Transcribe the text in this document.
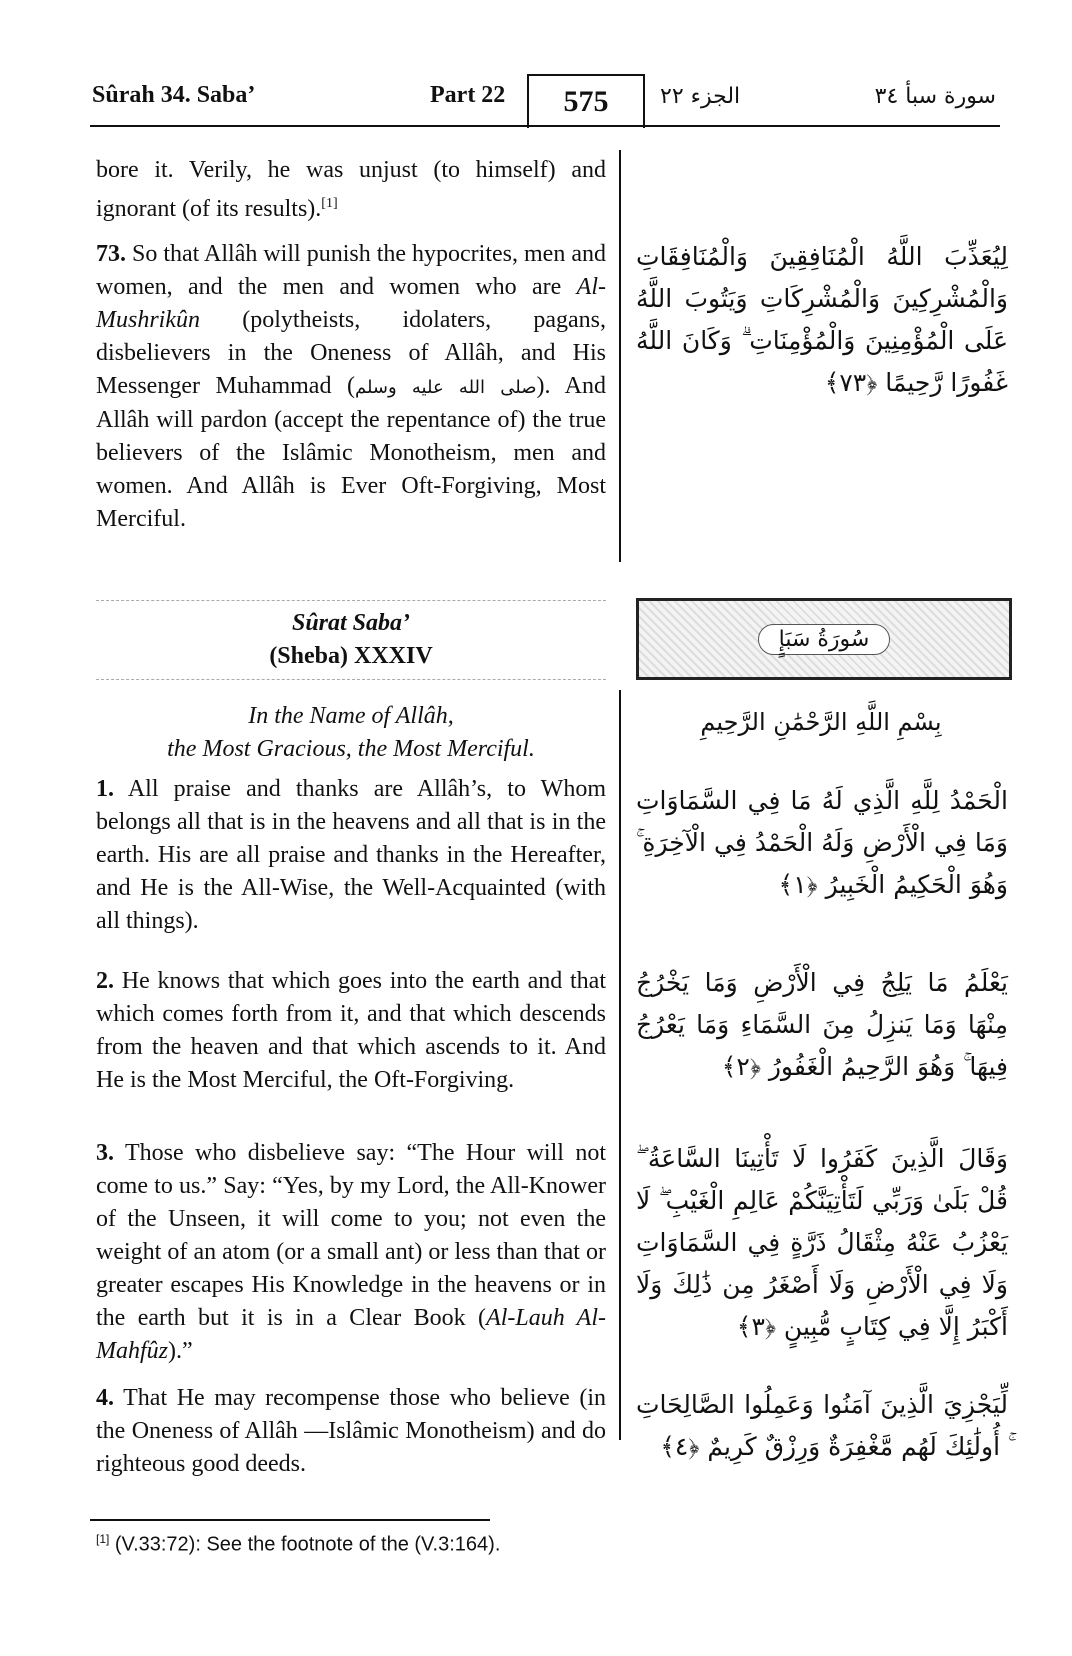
Sûrah 34. Saba’	Part 22	575	الجزء ٢٢	سورة سبأ ٣٤
bore it. Verily, he was unjust (to himself) and ignorant (of its results).[1]
73. So that Allâh will punish the hypocrites, men and women, and the men and women who are Al-Mushrikûn (polytheists, idolaters, pagans, disbelievers in the Oneness of Allâh, and His Messenger Muhammad (صلى الله عليه وسلم). And Allâh will pardon (accept the repentance of) the true believers of the Islâmic Monotheism, men and women. And Allâh is Ever Oft-Forgiving, Most Merciful.
لِيُعَذِّبَ اللَّهُ الْمُنَافِقِينَ وَالْمُنَافِقَاتِ وَالْمُشْرِكِينَ وَالْمُشْرِكَاتِ وَيَتُوبَ اللَّهُ عَلَى الْمُؤْمِنِينَ وَالْمُؤْمِنَاتِ ۗ وَكَانَ اللَّهُ غَفُورًا رَّحِيمًا ﴿٧٣﴾
Sûrat Saba’
(Sheba) XXXIV
سُورَةُ سَبَإٍ
In the Name of Allâh,
the Most Gracious, the Most Merciful.
بِسْمِ اللَّهِ الرَّحْمَٰنِ الرَّحِيمِ
1. All praise and thanks are Allâh’s, to Whom belongs all that is in the heavens and all that is in the earth. His are all praise and thanks in the Hereafter, and He is the All-Wise, the Well-Acquainted (with all things).
الْحَمْدُ لِلَّهِ الَّذِي لَهُ مَا فِي السَّمَاوَاتِ وَمَا فِي الْأَرْضِ وَلَهُ الْحَمْدُ فِي الْآخِرَةِ ۚ وَهُوَ الْحَكِيمُ الْخَبِيرُ ﴿١﴾
2. He knows that which goes into the earth and that which comes forth from it, and that which descends from the heaven and that which ascends to it. And He is the Most Merciful, the Oft-Forgiving.
يَعْلَمُ مَا يَلِجُ فِي الْأَرْضِ وَمَا يَخْرُجُ مِنْهَا وَمَا يَنزِلُ مِنَ السَّمَاءِ وَمَا يَعْرُجُ فِيهَا ۚ وَهُوَ الرَّحِيمُ الْغَفُورُ ﴿٢﴾
3. Those who disbelieve say: “The Hour will not come to us.” Say: “Yes, by my Lord, the All-Knower of the Unseen, it will come to you; not even the weight of an atom (or a small ant) or less than that or greater escapes His Knowledge in the heavens or in the earth but it is in a Clear Book (Al-Lauh Al-Mahfûz).”
وَقَالَ الَّذِينَ كَفَرُوا لَا تَأْتِينَا السَّاعَةُ ۖ قُلْ بَلَىٰ وَرَبِّي لَتَأْتِيَنَّكُمْ عَالِمِ الْغَيْبِ ۖ لَا يَعْزُبُ عَنْهُ مِثْقَالُ ذَرَّةٍ فِي السَّمَاوَاتِ وَلَا فِي الْأَرْضِ وَلَا أَصْغَرُ مِن ذَٰلِكَ وَلَا أَكْبَرُ إِلَّا فِي كِتَابٍ مُّبِينٍ ﴿٣﴾
4. That He may recompense those who believe (in the Oneness of Allâh —Islâmic Monotheism) and do righteous good deeds.
لِّيَجْزِيَ الَّذِينَ آمَنُوا وَعَمِلُوا الصَّالِحَاتِ ۚ أُولَٰئِكَ لَهُم مَّغْفِرَةٌ وَرِزْقٌ كَرِيمٌ ﴿٤﴾
[1] (V.33:72): See the footnote of the (V.3:164).
